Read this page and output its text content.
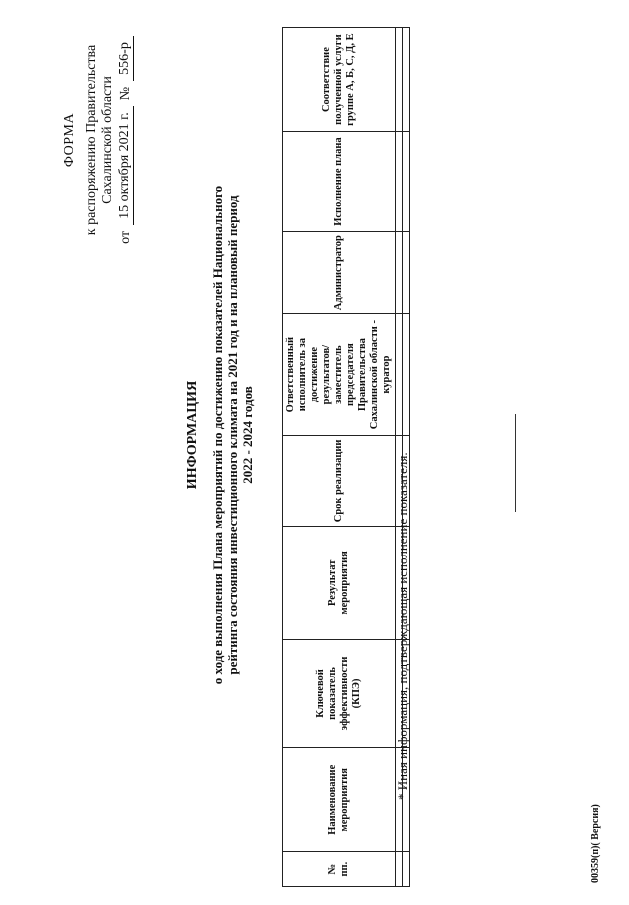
ФОРМА к распоряжению Правительства Сахалинской области
от
15 октября 2021 г.
№
556-р
ИНФОРМАЦИЯ о ходе выполнения Плана мероприятий по достижению показателей Национального рейтинга состояния инвестиционного климата на 2021 год и на плановый период 2022 - 2024 годов
№ пп.	Наименование мероприятия	Ключевой показатель эффективности (КПЭ)	Результат мероприятия	Срок реализации	Ответственный исполнитель за достижение результатов/заместитель председателя Правительства Сахалинской области - куратор	Администратор	Исполнение плана	Соответствие полученной услуги группе А, Б, С, Д, Е

* Иная информация, подтверждающая исполнение показателя.
00359(п)( Версия)
